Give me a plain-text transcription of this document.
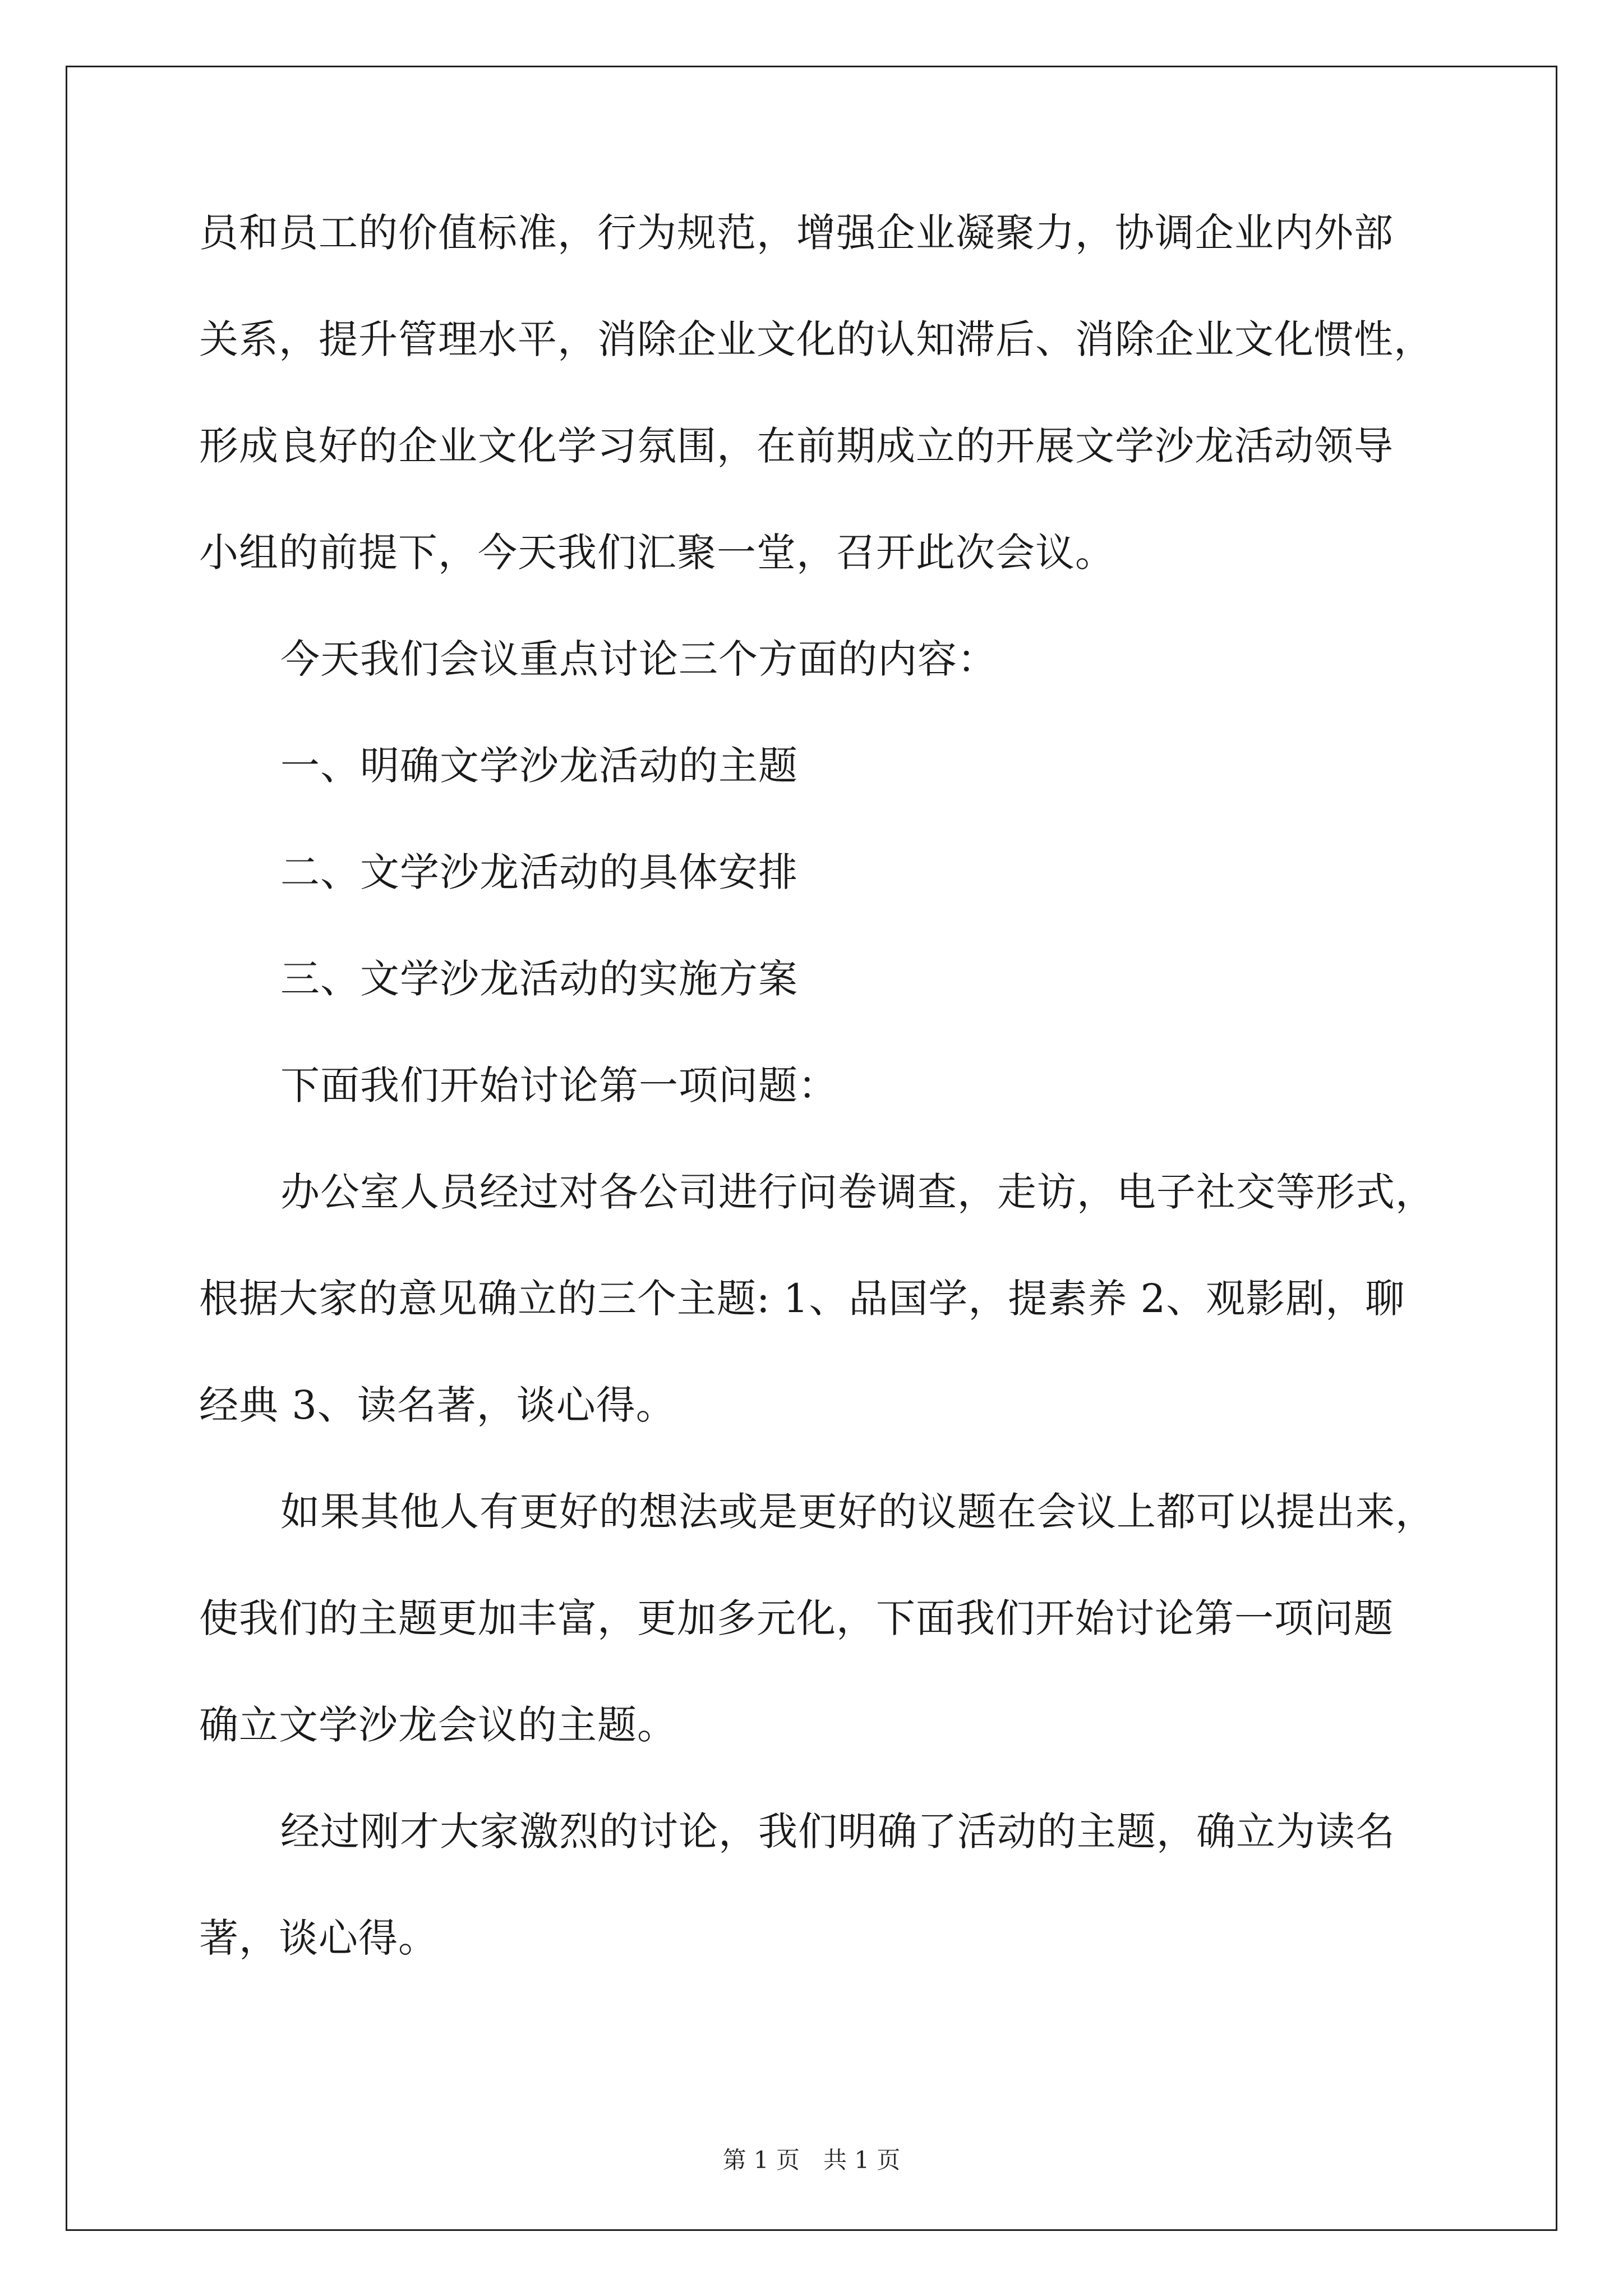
员和员工的价值标准，行为规范，增强企业凝聚力，协调企业内外部
关系，提升管理水平，消除企业文化的认知滞后、消除企业文化惯性，
形成良好的企业文化学习氛围，在前期成立的开展文学沙龙活动领导
小组的前提下，今天我们汇聚一堂，召开此次会议。
今天我们会议重点讨论三个方面的内容：
一、明确文学沙龙活动的主题
二、文学沙龙活动的具体安排
三、文学沙龙活动的实施方案
下面我们开始讨论第一项问题：
办公室人员经过对各公司进行问卷调查，走访，电子社交等形式，
根据大家的意见确立的三个主题: 1、品国学，提素养 2、观影剧，聊
经典 3、读名著，谈心得。
如果其他人有更好的想法或是更好的议题在会议上都可以提出来，
使我们的主题更加丰富，更加多元化，下面我们开始讨论第一项问题
确立文学沙龙会议的主题。
经过刚才大家激烈的讨论，我们明确了活动的主题，确立为读名
著，谈心得。
第 1 页　共 1 页
